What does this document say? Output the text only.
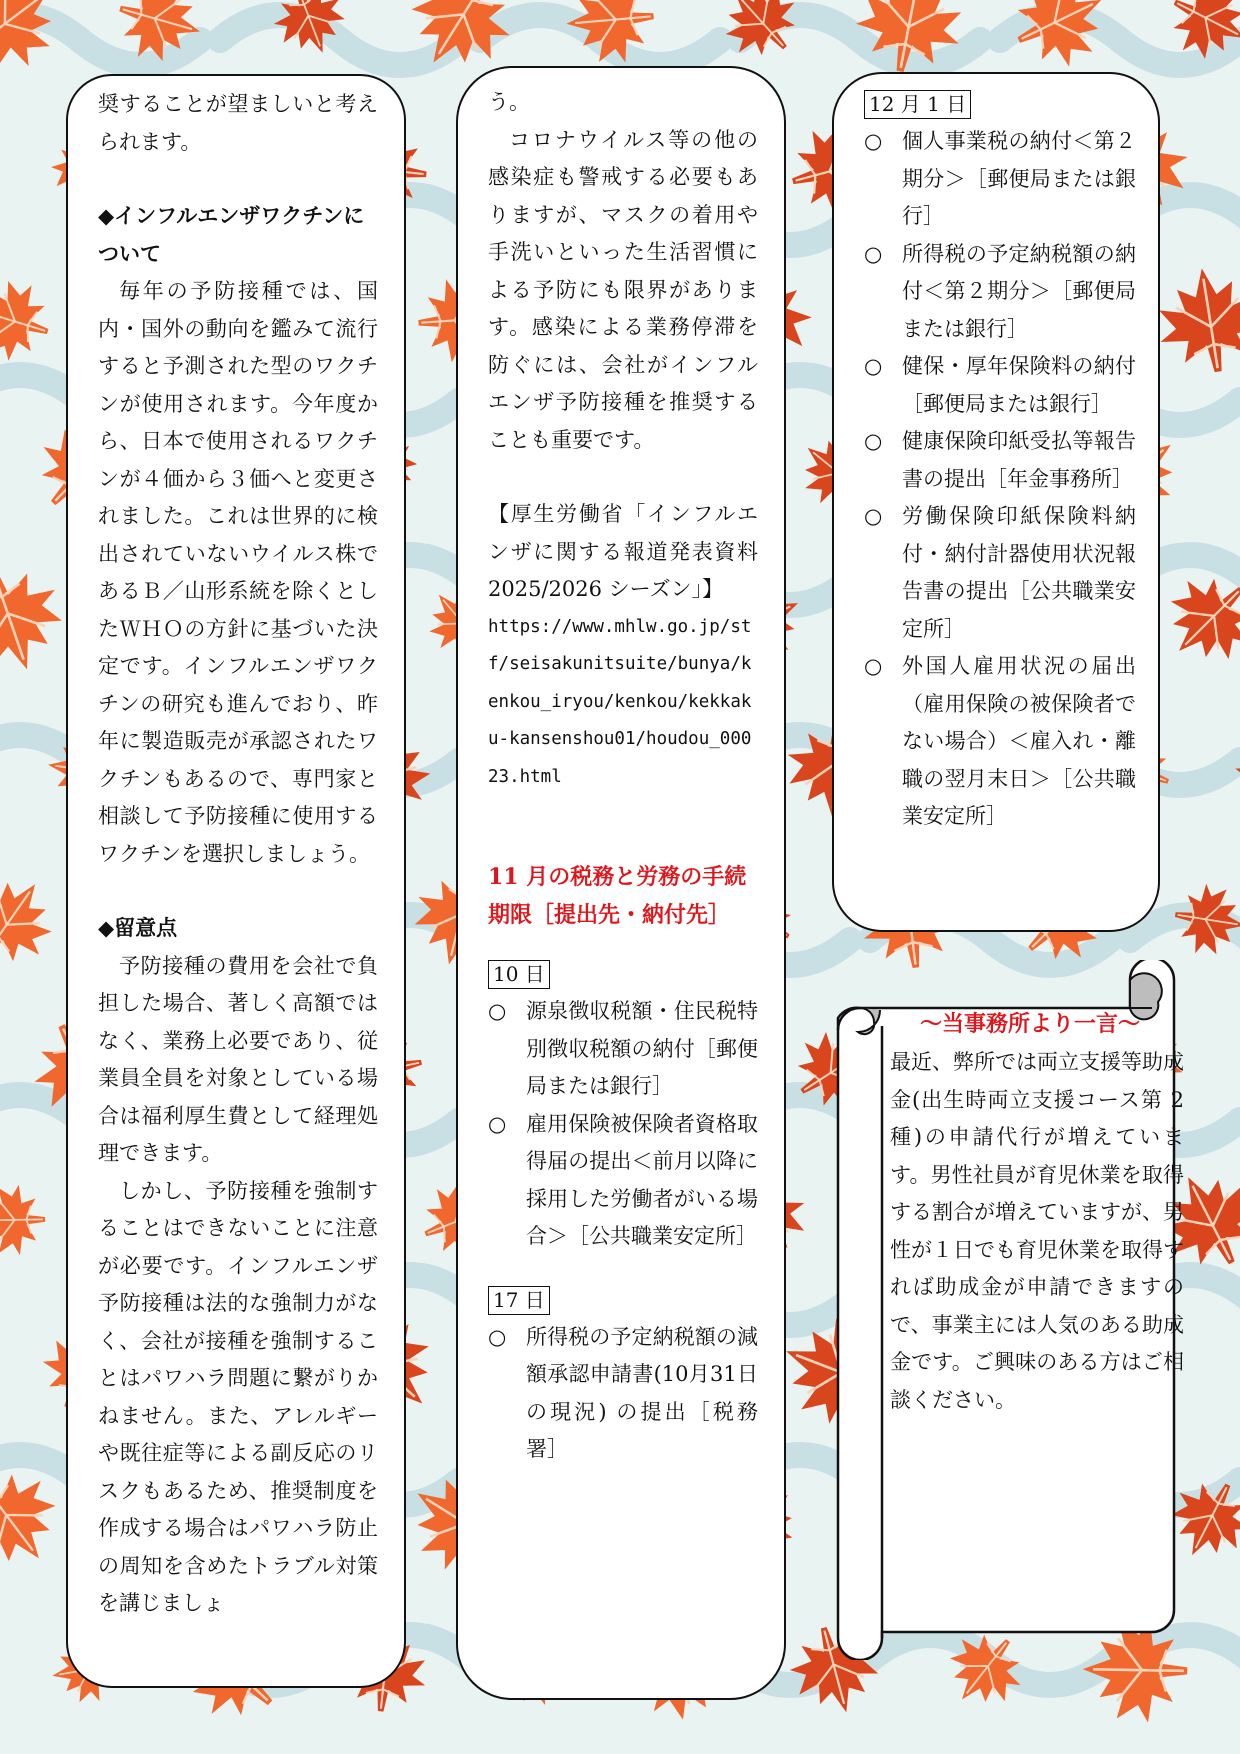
奨することが望ましいと考えられます。

◆インフルエンザワクチンについて

毎年の予防接種では、国内・国外の動向を鑑みて流行すると予測された型のワクチンが使用されます。今年度から、日本で使用されるワクチンが４価から３価へと変更されました。これは世界的に検出されていないウイルス株であるＢ／山形系統を除くとしたＷＨＯの方針に基づいた決定です。インフルエンザワクチンの研究も進んでおり、昨年に製造販売が承認されたワクチンもあるので、専門家と相談して予防接種に使用するワクチンを選択しましょう。

◆留意点

予防接種の費用を会社で負担した場合、著しく高額ではなく、業務上必要であり、従業員全員を対象としている場合は福利厚生費として経理処理できます。

しかし、予防接種を強制することはできないことに注意が必要です。インフルエンザ予防接種は法的な強制力がなく、会社が接種を強制することはパワハラ問題に繋がりかねません。また、アレルギーや既往症等による副反応のリスクもあるため、推奨制度を作成する場合はパワハラ防止の周知を含めたトラブル対策を講じましょ

う。

コロナウイルス等の他の感染症も警戒する必要もありますが、マスクの着用や手洗いといった生活習慣による予防にも限界があります。感染による業務停滞を防ぐには、会社がインフルエンザ予防接種を推奨することも重要です。

【厚生労働省「インフルエンザに関する報道発表資料 2025/2026 シーズン」】

https://www.mhlw.go.jp/stf/seisakunitsuite/bunya/kenkou_iryou/kenkou/kekkaku-kansenshou01/houdou_00023.html

11 月の税務と労務の手続期限［提出先・納付先］

10 日
○ 源泉徴収税額・住民税特別徴収税額の納付［郵便局または銀行］
○ 雇用保険被保険者資格取得届の提出＜前月以降に採用した労働者がいる場合＞［公共職業安定所］
17 日
○ 所得税の予定納税額の減額承認申請書(10月31日の現況) の提出［税務署］
12 月 1 日
○ 個人事業税の納付＜第２期分＞［郵便局または銀行］
○ 所得税の予定納税額の納付＜第２期分＞［郵便局または銀行］
○ 健保・厚年保険料の納付［郵便局または銀行］
○ 健康保険印紙受払等報告書の提出［年金事務所］
○ 労働保険印紙保険料納付・納付計器使用状況報告書の提出［公共職業安定所］
○ 外国人雇用状況の届出（雇用保険の被保険者でない場合）＜雇入れ・離職の翌月末日＞［公共職業安定所］

～当事務所より一言～

最近、弊所では両立支援等助成金(出生時両立支援コース第 2 種)の申請代行が増えています。男性社員が育児休業を取得する割合が増えていますが、男性が１日でも育児休業を取得すれば助成金が申請できますので、事業主には人気のある助成金です。ご興味のある方はご相談ください。
